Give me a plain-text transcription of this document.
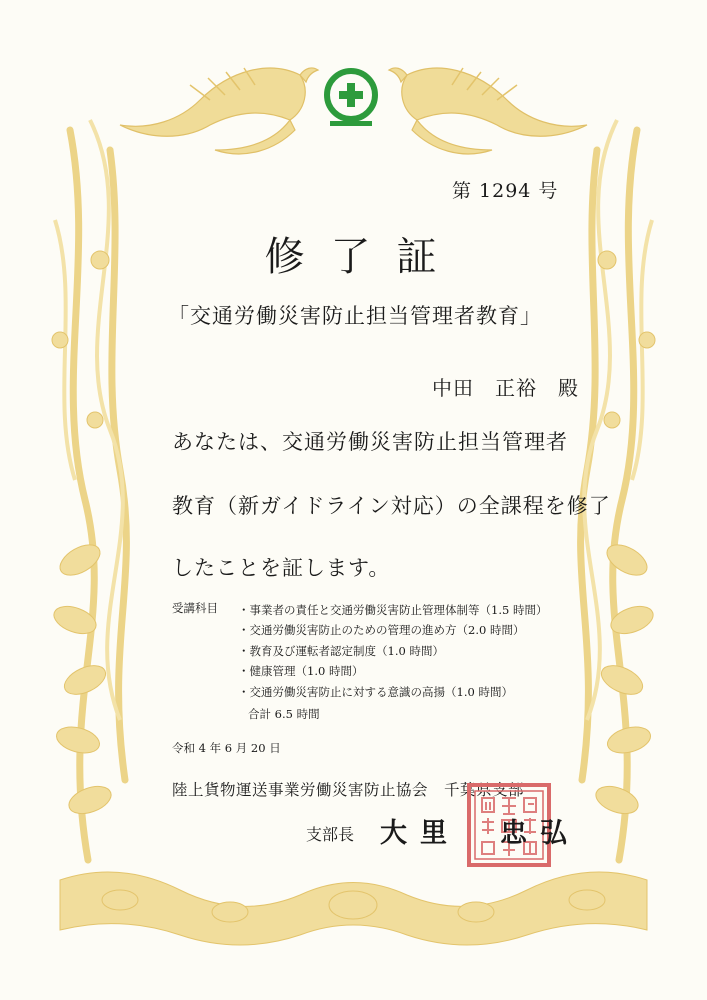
第 1294 号
修了証
「交通労働災害防止担当管理者教育」
中田　正裕　殿
あなたは、交通労働災害防止担当管理者
教育（新ガイドライン対応）の全課程を修了
したことを証します。
受講科目 ・事業者の責任と交通労働災害防止管理体制等（1.5 時間）
・交通労働災害防止のための管理の進め方（2.0 時間）
・教育及び運転者認定制度（1.0 時間）
・健康管理（1.0 時間）
・交通労働災害防止に対する意識の高揚（1.0 時間）
合計 6.5 時間
令和 4 年 6 月 20 日
陸上貨物運送事業労働災害防止協会　千葉県支部
支部長 大里　忠弘
